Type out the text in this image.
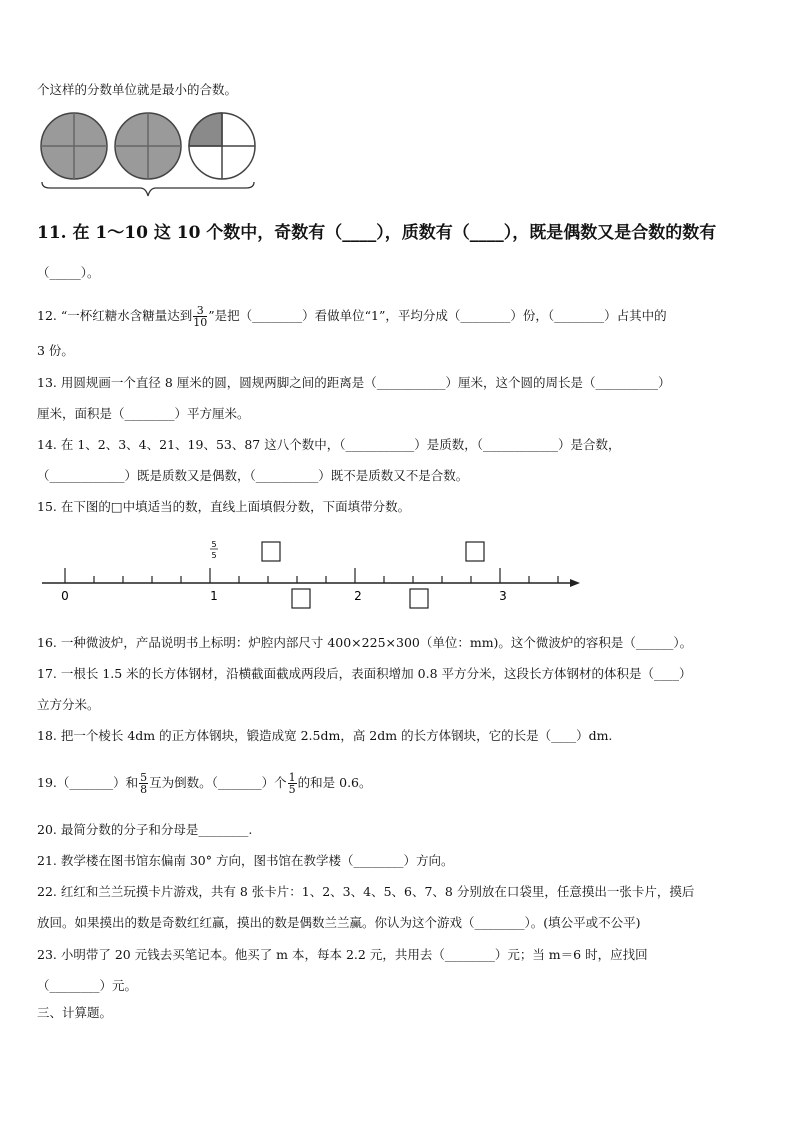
个这样的分数单位就是最小的合数。
11. 在 1～10 这 10 个数中，奇数有（____），质数有（____），既是偶数又是合数的数有
（_____）。
12. “一杯红糖水含糖量达到 $\frac{3}{10}$ ”是把（________）看做单位“1”，平均分成（________）份，（________）占其中的
3 份。
13. 用圆规画一个直径 8 厘米的圆，圆规两脚之间的距离是（___________）厘米，这个圆的周长是（__________）
厘米，面积是（________）平方厘米。
14. 在 1、2、3、4、21、19、53、87 这八个数中，（___________）是质数，（____________）是合数，
（____________）既是质数又是偶数，（__________）既不是质数又不是合数。
15. 在下图的□中填适当的数，直线上面填假分数，下面填带分数。
0	1	2	3
5
5
16. 一种微波炉，产品说明书上标明：炉腔内部尺寸 400×225×300（单位：mm)。这个微波炉的容积是（______）。
17. 一根长 1.5 米的长方体钢材，沿横截面截成两段后，表面积增加 0.8 平方分米，这段长方体钢材的体积是（____）
立方分米。
18. 把一个棱长 4dm 的正方体钢块，锻造成宽 2.5dm，高 2dm 的长方体钢块，它的长是（____）dm.
19.（_______）和 $\frac{5}{8}$ 互为倒数。（_______）个 $\frac{1}{5}$ 的和是 0.6。
20. 最简分数的分子和分母是________.
21. 教学楼在图书馆东偏南 30° 方向，图书馆在教学楼（________）方向。
22. 红红和兰兰玩摸卡片游戏，共有 8 张卡片：1、2、3、4、5、6、7、8 分别放在口袋里，任意摸出一张卡片，摸后
放回。如果摸出的数是奇数红红赢，摸出的数是偶数兰兰赢。你认为这个游戏（________）。(填公平或不公平)
23. 小明带了 20 元钱去买笔记本。他买了 m 本，每本 2.2 元，共用去（________）元；当 m＝6 时，应找回
（________）元。
三、计算题。
